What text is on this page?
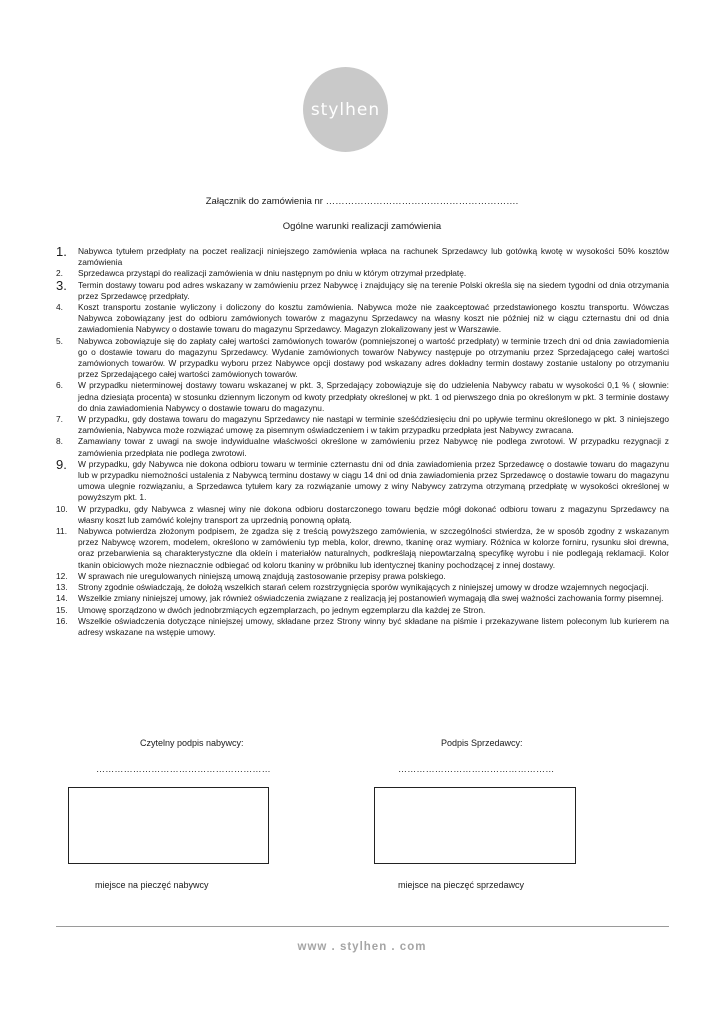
stylhen
Załącznik do zamówienia nr …………………………………………………….
Ogólne warunki realizacji zamówienia
1.	Nabywca tytułem przedpłaty na poczet realizacji niniejszego zamówienia wpłaca na rachunek Sprzedawcy lub gotówką kwotę w wysokości 50% kosztów zamówienia
2.	Sprzedawca przystąpi do realizacji zamówienia w dniu następnym po dniu w którym otrzymał przedpłatę.
3.	Termin dostawy towaru pod adres wskazany w zamówieniu przez Nabywcę i znajdujący się na terenie Polski określa się na siedem tygodni od dnia otrzymania przez Sprzedawcę przedpłaty.
4.	Koszt transportu zostanie wyliczony i doliczony do kosztu zamówienia. Nabywca może nie zaakceptować przedstawionego kosztu transportu. Wówczas Nabywca zobowiązany jest do odbioru zamówionych towarów z magazynu Sprzedawcy na własny koszt nie później niż w ciągu czternastu dni od dnia zawiadomienia Nabywcy o dostawie towaru do magazynu Sprzedawcy. Magazyn zlokalizowany jest w Warszawie.
5.	Nabywca zobowiązuje się do zapłaty całej wartości zamówionych towarów (pomniejszonej o wartość przedpłaty) w terminie trzech dni od dnia zawiadomienia go o dostawie towaru do magazynu Sprzedawcy. Wydanie zamówionych towarów Nabywcy następuje po otrzymaniu przez Sprzedającego całej wartości zamówionych towarów. W przypadku wyboru przez Nabywce opcji dostawy pod wskazany adres dokładny termin dostawy zostanie ustalony po otrzymaniu przez Sprzedającego całej wartości zamówionych towarów.
6.	W przypadku nieterminowej dostawy towaru wskazanej w pkt. 3, Sprzedający zobowiązuje się do udzielenia Nabywcy rabatu w wysokości 0,1 % ( słownie: jedna dziesiąta procenta) w stosunku dziennym liczonym od kwoty przedpłaty określonej w pkt. 1 od pierwszego dnia po określonym w pkt. 3 terminie dostawy do dnia zawiadomienia Nabywcy o dostawie towaru do magazynu.
7.	W przypadku, gdy dostawa towaru do magazynu Sprzedawcy nie nastąpi w terminie sześćdziesięciu dni po upływie terminu określonego w pkt. 3 niniejszego zamówienia, Nabywca może rozwiązać umowę za pisemnym oświadczeniem i w takim przypadku przedpłata jest Nabywcy zwracana.
8.	Zamawiany towar z uwagi na swoje indywidualne właściwości określone w zamówieniu przez Nabywcę nie podlega zwrotowi. W przypadku rezygnacji z zamówienia przedpłata nie podlega zwrotowi.
9.	W przypadku, gdy Nabywca nie dokona odbioru towaru w terminie czternastu dni od dnia zawiadomienia przez Sprzedawcę o dostawie towaru do magazynu lub w przypadku niemożności ustalenia z Nabywcą terminu dostawy w ciągu 14 dni od dnia zawiadomienia przez Sprzedawcę o dostawie towaru do magazynu umowa ulegnie rozwiązaniu, a Sprzedawca tytułem kary za rozwiązanie umowy z winy Nabywcy zatrzyma otrzymaną przedpłatę w wysokości określonej w powyższym pkt. 1.
10.	W przypadku, gdy Nabywca z własnej winy nie dokona odbioru dostarczonego towaru będzie mógł dokonać odbioru towaru z magazynu Sprzedawcy na własny koszt lub zamówić kolejny transport za uprzednią ponowną opłatą.
11.	Nabywca potwierdza złożonym podpisem, że zgadza się z treścią powyższego zamówienia, w szczególności stwierdza, że w sposób zgodny z wskazanym przez Nabywcę wzorem, modelem, określono w zamówieniu typ mebla, kolor, drewno, tkaninę oraz wymiary. Różnica w kolorze forniru, rysunku słoi drewna, oraz przebarwienia są charakterystyczne dla okleín i materiałów naturalnych, podkreślają niepowtarzalną specyfikę wyrobu i nie podlegają reklamacji. Kolor tkanin obiciowych może nieznacznie odbiegać od koloru tkaniny w próbniku lub identycznej tkaniny pochodzącej z innej dostawy.
12.	W sprawach nie uregulowanych niniejszą umową znajdują zastosowanie przepisy prawa polskiego.
13.	Strony zgodnie oświadczają, że dołożą wszelkich starań celem rozstrzygnięcia sporów wynikających z niniejszej umowy w drodze wzajemnych negocjacji.
14.	Wszelkie zmiany niniejszej umowy, jak również oświadczenia związane z realizacją jej postanowień wymagają dla swej ważności zachowania formy pisemnej.
15.	Umowę sporządzono w dwóch jednobrzmiących egzemplarzach, po jednym egzemplarzu dla każdej ze Stron.
16.	Wszelkie oświadczenia dotyczące niniejszej umowy, składane przez Strony winny być składane na piśmie i przekazywane listem poleconym lub kurierem na adresy wskazane na wstępie umowy.
Czytelny podpis nabywcy:	Podpis Sprzedawcy:
…………………………………………………	……………………………………………
miejsce na pieczęć nabywcy	miejsce na pieczęć sprzedawcy
www . stylhen . com
